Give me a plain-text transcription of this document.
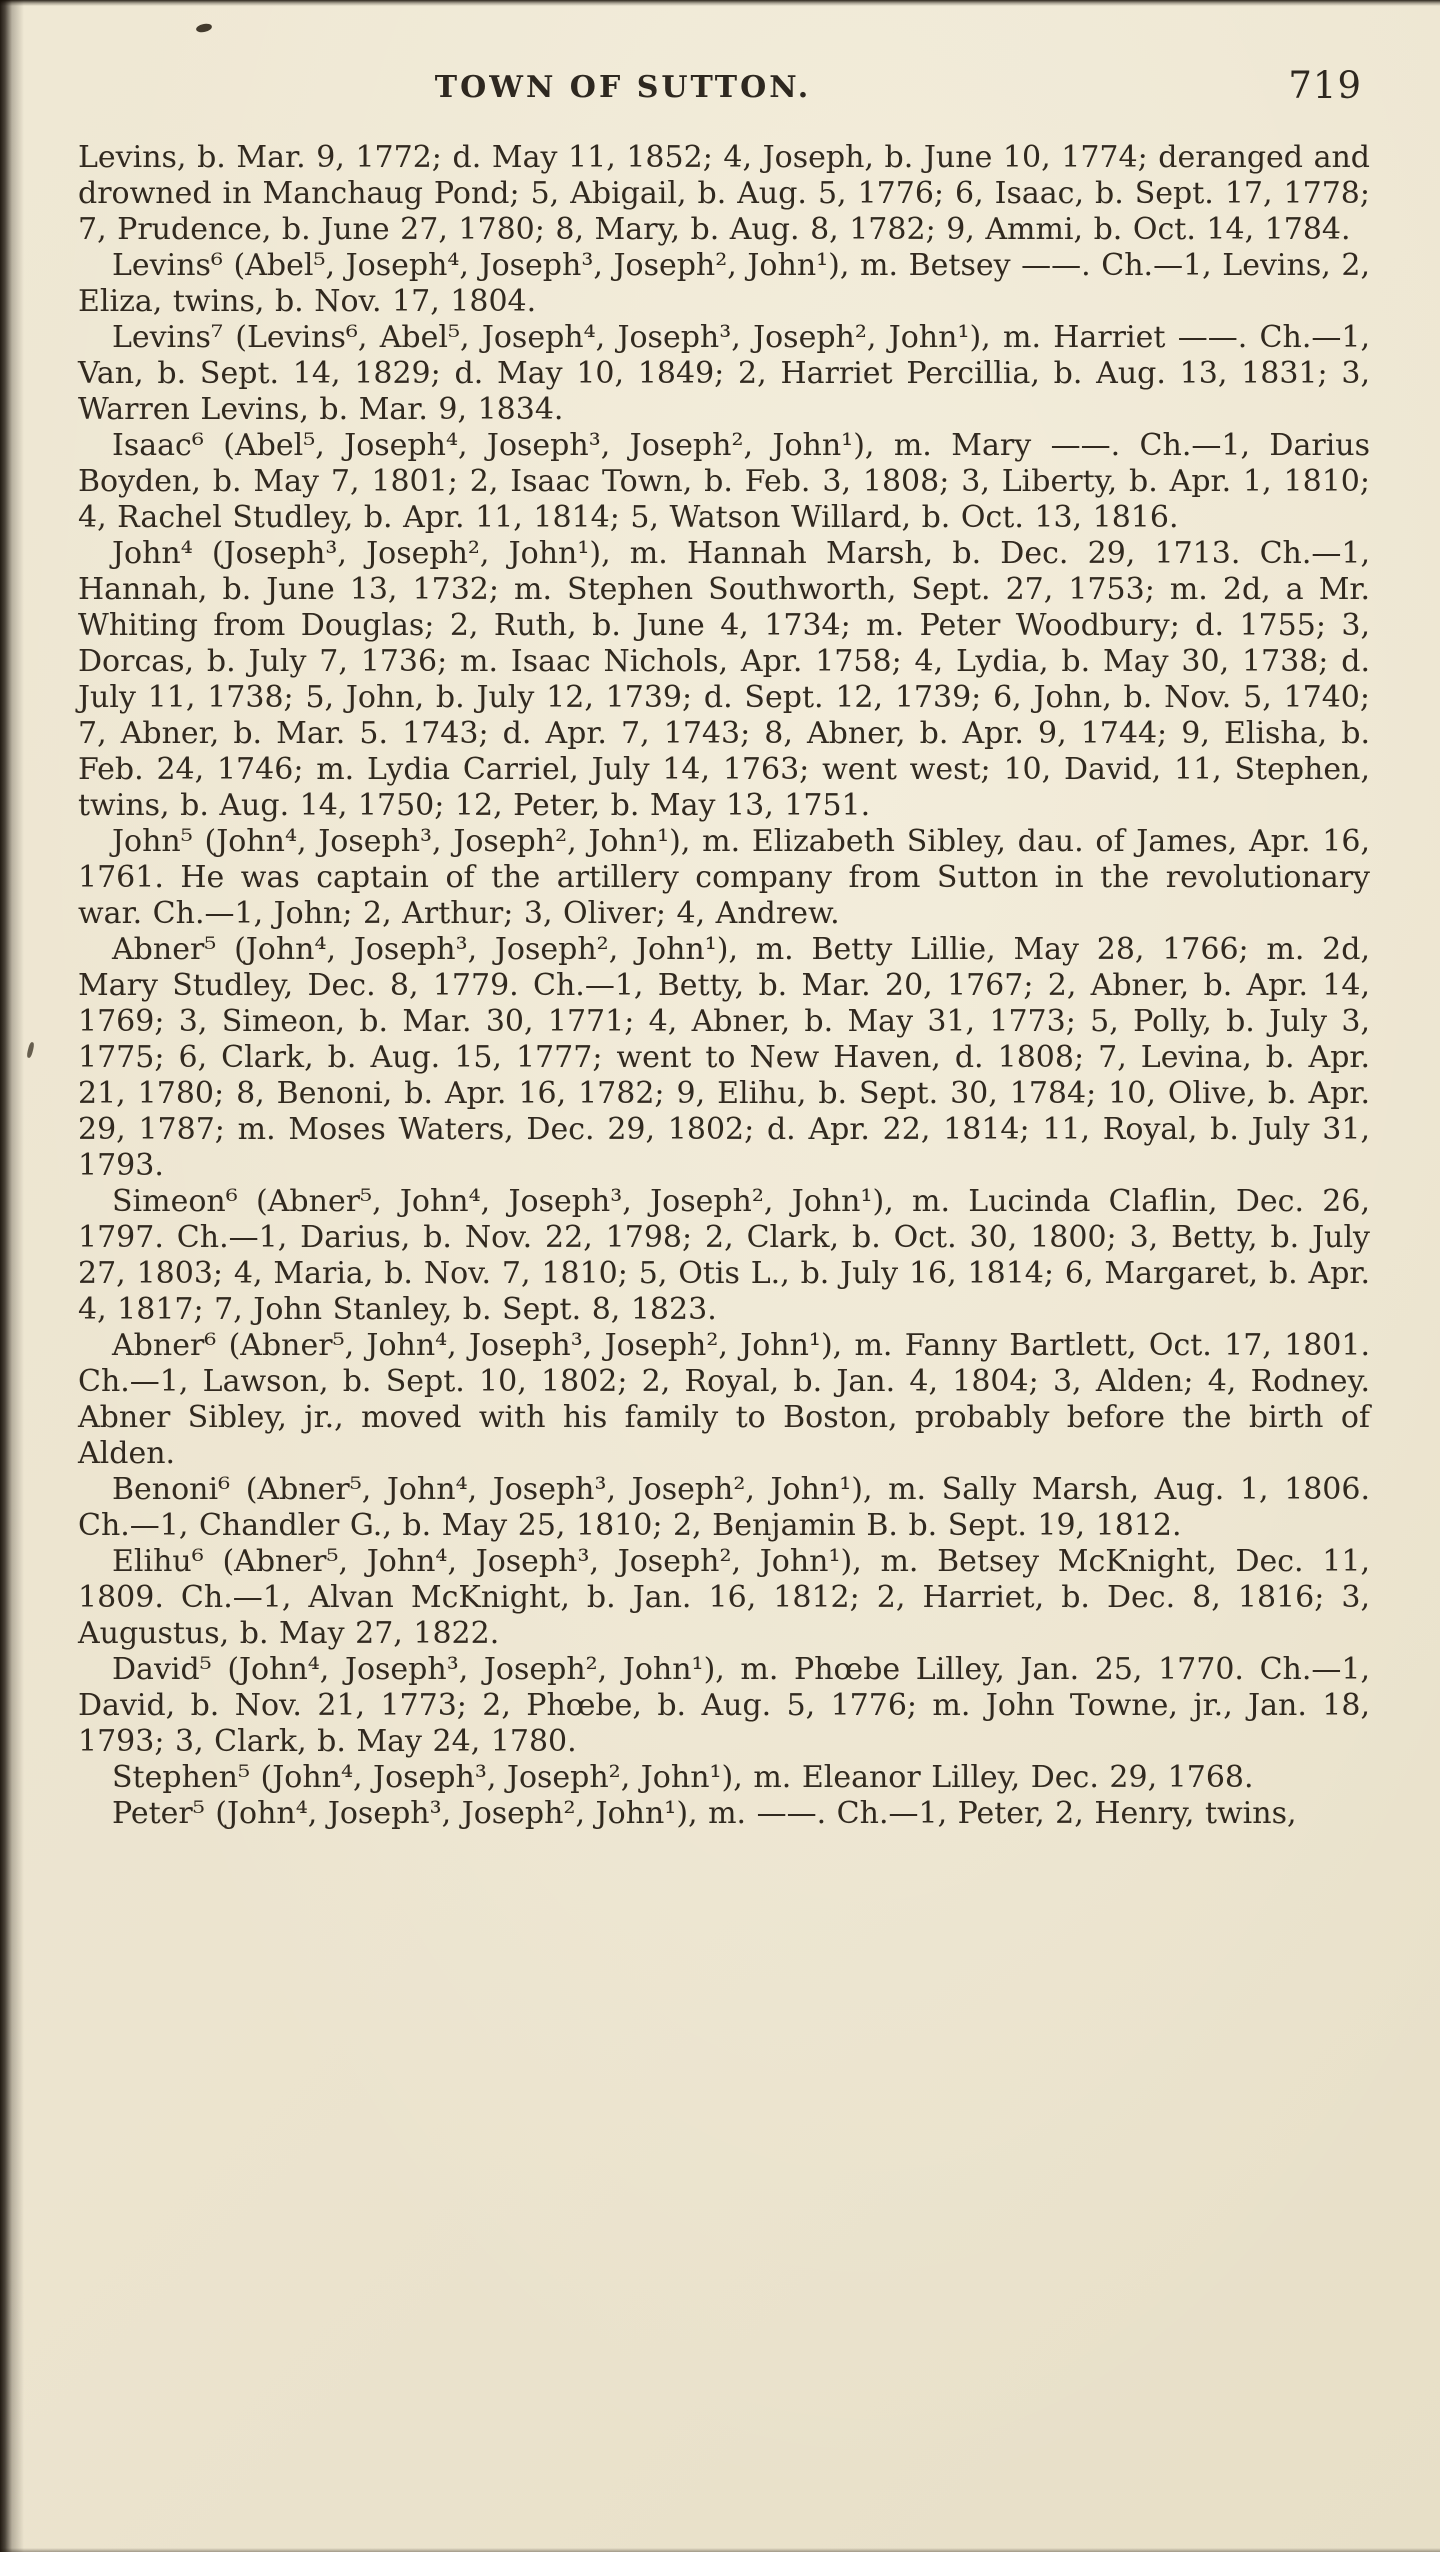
TOWN OF SUTTON.	719

Levins, b. Mar. 9, 1772; d. May 11, 1852; 4, Joseph, b. June 10, 1774; deranged and drowned in Manchaug Pond; 5, Abigail, b. Aug. 5, 1776; 6, Isaac, b. Sept. 17, 1778; 7, Prudence, b. June 27, 1780; 8, Mary, b. Aug. 8, 1782; 9, Ammi, b. Oct. 14, 1784.

Levins⁶ (Abel⁵, Joseph⁴, Joseph³, Joseph², John¹), m. Betsey ——. Ch.—1, Levins, 2, Eliza, twins, b. Nov. 17, 1804.

Levins⁷ (Levins⁶, Abel⁵, Joseph⁴, Joseph³, Joseph², John¹), m. Harriet ——. Ch.—1, Van, b. Sept. 14, 1829; d. May 10, 1849; 2, Harriet Percillia, b. Aug. 13, 1831; 3, Warren Levins, b. Mar. 9, 1834.

Isaac⁶ (Abel⁵, Joseph⁴, Joseph³, Joseph², John¹), m. Mary ——. Ch.—1, Darius Boyden, b. May 7, 1801; 2, Isaac Town, b. Feb. 3, 1808; 3, Liberty, b. Apr. 1, 1810; 4, Rachel Studley, b. Apr. 11, 1814; 5, Watson Willard, b. Oct. 13, 1816.

John⁴ (Joseph³, Joseph², John¹), m. Hannah Marsh, b. Dec. 29, 1713. Ch.—1, Hannah, b. June 13, 1732; m. Stephen Southworth, Sept. 27, 1753; m. 2d, a Mr. Whiting from Douglas; 2, Ruth, b. June 4, 1734; m. Peter Woodbury; d. 1755; 3, Dorcas, b. July 7, 1736; m. Isaac Nichols, Apr. 1758; 4, Lydia, b. May 30, 1738; d. July 11, 1738; 5, John, b. July 12, 1739; d. Sept. 12, 1739; 6, John, b. Nov. 5, 1740; 7, Abner, b. Mar. 5. 1743; d. Apr. 7, 1743; 8, Abner, b. Apr. 9, 1744; 9, Elisha, b. Feb. 24, 1746; m. Lydia Carriel, July 14, 1763; went west; 10, David, 11, Stephen, twins, b. Aug. 14, 1750; 12, Peter, b. May 13, 1751.

John⁵ (John⁴, Joseph³, Joseph², John¹), m. Elizabeth Sibley, dau. of James, Apr. 16, 1761. He was captain of the artillery company from Sutton in the revolutionary war. Ch.—1, John; 2, Arthur; 3, Oliver; 4, Andrew.

Abner⁵ (John⁴, Joseph³, Joseph², John¹), m. Betty Lillie, May 28, 1766; m. 2d, Mary Studley, Dec. 8, 1779. Ch.—1, Betty, b. Mar. 20, 1767; 2, Abner, b. Apr. 14, 1769; 3, Simeon, b. Mar. 30, 1771; 4, Abner, b. May 31, 1773; 5, Polly, b. July 3, 1775; 6, Clark, b. Aug. 15, 1777; went to New Haven, d. 1808; 7, Levina, b. Apr. 21, 1780; 8, Benoni, b. Apr. 16, 1782; 9, Elihu, b. Sept. 30, 1784; 10, Olive, b. Apr. 29, 1787; m. Moses Waters, Dec. 29, 1802; d. Apr. 22, 1814; 11, Royal, b. July 31, 1793.

Simeon⁶ (Abner⁵, John⁴, Joseph³, Joseph², John¹), m. Lucinda Claflin, Dec. 26, 1797. Ch.—1, Darius, b. Nov. 22, 1798; 2, Clark, b. Oct. 30, 1800; 3, Betty, b. July 27, 1803; 4, Maria, b. Nov. 7, 1810; 5, Otis L., b. July 16, 1814; 6, Margaret, b. Apr. 4, 1817; 7, John Stanley, b. Sept. 8, 1823.

Abner⁶ (Abner⁵, John⁴, Joseph³, Joseph², John¹), m. Fanny Bartlett, Oct. 17, 1801. Ch.—1, Lawson, b. Sept. 10, 1802; 2, Royal, b. Jan. 4, 1804; 3, Alden; 4, Rodney. Abner Sibley, jr., moved with his family to Boston, probably before the birth of Alden.

Benoni⁶ (Abner⁵, John⁴, Joseph³, Joseph², John¹), m. Sally Marsh, Aug. 1, 1806. Ch.—1, Chandler G., b. May 25, 1810; 2, Benjamin B. b. Sept. 19, 1812.

Elihu⁶ (Abner⁵, John⁴, Joseph³, Joseph², John¹), m. Betsey McKnight, Dec. 11, 1809. Ch.—1, Alvan McKnight, b. Jan. 16, 1812; 2, Harriet, b. Dec. 8, 1816; 3, Augustus, b. May 27, 1822.

David⁵ (John⁴, Joseph³, Joseph², John¹), m. Phœbe Lilley, Jan. 25, 1770. Ch.—1, David, b. Nov. 21, 1773; 2, Phœbe, b. Aug. 5, 1776; m. John Towne, jr., Jan. 18, 1793; 3, Clark, b. May 24, 1780.

Stephen⁵ (John⁴, Joseph³, Joseph², John¹), m. Eleanor Lilley, Dec. 29, 1768.

Peter⁵ (John⁴, Joseph³, Joseph², John¹), m. ——. Ch.—1, Peter, 2, Henry, twins,
